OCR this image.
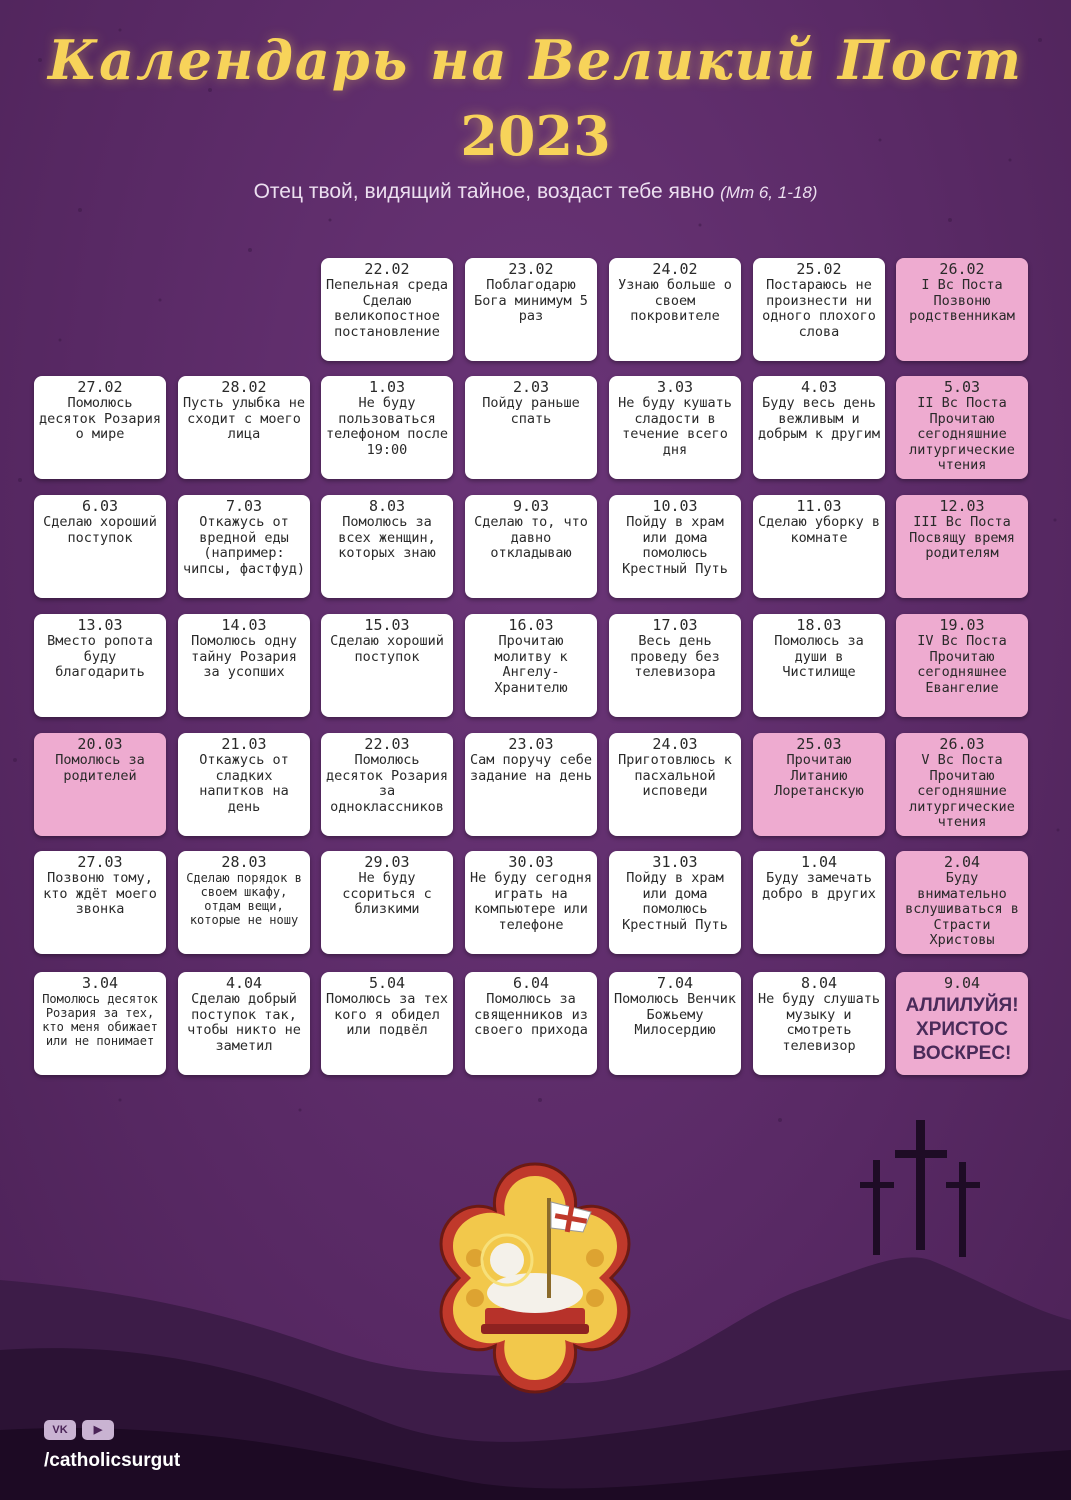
Календарь на Великий Пост
2023
Отец твой, видящий тайное, воздаст тебе явно (Мт 6, 1-18)
22.02
Пепельная среда
Сделаю великопостное постановление
23.02
Поблагодарю Бога минимум 5 раз
24.02
Узнаю больше о своем покровителе
25.02
Постараюсь не произнести ни одного плохого слова
26.02
I Вс Поста
Позвоню родственникам
27.02
Помолюсь десяток Розария о мире
28.02
Пусть улыбка не сходит с моего лица
1.03
Не буду пользоваться телефоном после 19:00
2.03
Пойду раньше спать
3.03
Не буду кушать сладости в течение всего дня
4.03
Буду весь день вежливым и добрым к другим
5.03
II Вс Поста
Прочитаю сегодняшние литургические чтения
6.03
Сделаю хороший поступок
7.03
Откажусь от вредной еды (например: чипсы, фастфуд)
8.03
Помолюсь за всех женщин, которых знаю
9.03
Сделаю то, что давно откладываю
10.03
Пойду в храм или дома помолюсь Крестный Путь
11.03
Сделаю уборку в комнате
12.03
III Вс Поста
Посвящу время родителям
13.03
Вместо ропота буду благодарить
14.03
Помолюсь одну тайну Розария за усопших
15.03
Сделаю хороший поступок
16.03
Прочитаю молитву к Ангелу-Хранителю
17.03
Весь день проведу без телевизора
18.03
Помолюсь за души в Чистилище
19.03
IV Вс Поста
Прочитаю сегодняшнее Евангелие
20.03
Помолюсь за родителей
21.03
Откажусь от сладких напитков на день
22.03
Помолюсь десяток Розария за одноклассников
23.03
Сам поручу себе задание на день
24.03
Приготовлюсь к пасхальной исповеди
25.03
Прочитаю Литанию Лоретанскую
26.03
V Вс Поста
Прочитаю сегодняшние литургические чтения
27.03
Позвоню тому, кто ждёт моего звонка
28.03
Сделаю порядок в своем шкафу, отдам вещи, которые не ношу
29.03
Не буду ссориться с близкими
30.03
Не буду сегодня играть на компьютере или телефоне
31.03
Пойду в храм или дома помолюсь Крестный Путь
1.04
Буду замечать добро в других
2.04
Буду внимательно вслушиваться в Страсти Христовы
3.04
Помолюсь десяток Розария за тех, кто меня обижает или не понимает
4.04
Сделаю добрый поступок так, чтобы никто не заметил
5.04
Помолюсь за тех кого я обидел или подвёл
6.04
Помолюсь за священников из своего прихода
7.04
Помолюсь Венчик Божьему Милосердию
8.04
Не буду слушать музыку и смотреть телевизор
9.04
АЛЛИЛУЙЯ! ХРИСТОС ВОСКРЕС!
VK ▶
/catholicsurgut
